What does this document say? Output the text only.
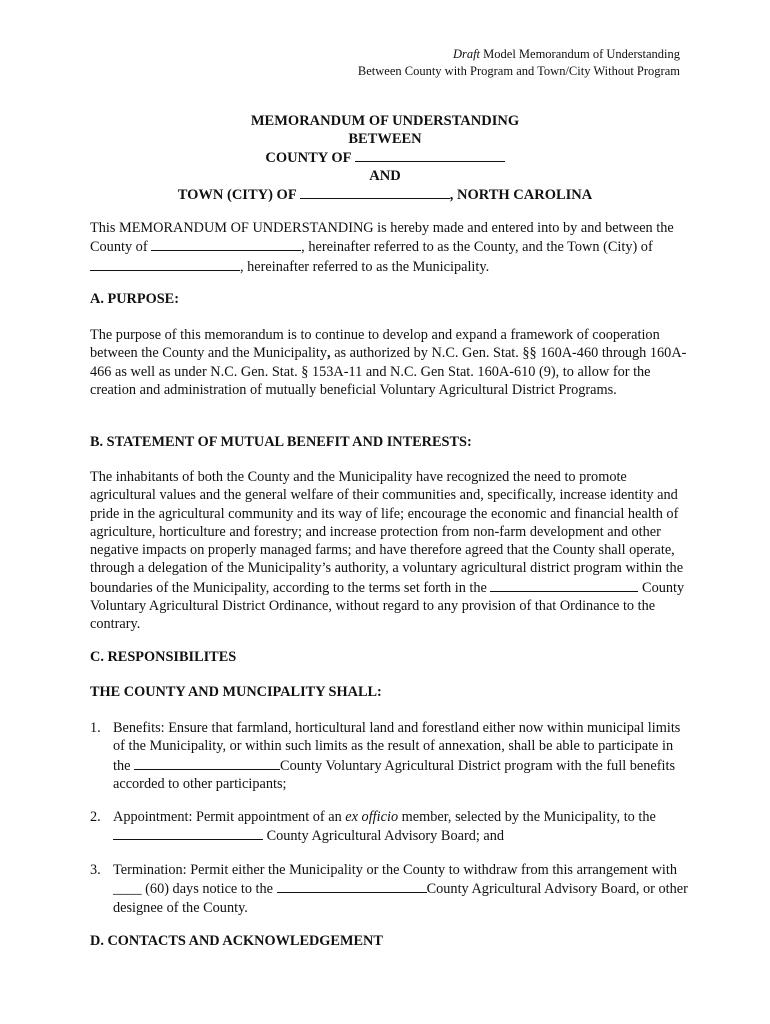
Draft Model Memorandum of Understanding
Between County with Program and Town/City Without Program
MEMORANDUM OF UNDERSTANDING
BETWEEN
COUNTY OF
AND
TOWN (CITY) OF	, NORTH CAROLINA

This MEMORANDUM OF UNDERSTANDING is hereby made and entered into by and between the County of	, hereinafter referred to as the County, and the Town (City) of , hereinafter referred to as the Municipality.

A. PURPOSE:

The purpose of this memorandum is to continue to develop and expand a framework of cooperation between the County and the Municipality, as authorized by N.C. Gen. Stat. §§ 160A-460 through 160A-466 as well as under N.C. Gen. Stat. § 153A-11 and N.C. Gen Stat. 160A-610 (9), to allow for the creation and administration of mutually beneficial Voluntary Agricultural District Programs.

B. STATEMENT OF MUTUAL BENEFIT AND INTERESTS:

The inhabitants of both the County and the Municipality have recognized the need to promote agricultural values and the general welfare of their communities and, specifically, increase identity and pride in the agricultural community and its way of life; encourage the economic and financial health of agriculture, horticulture and forestry; and increase protection from non-farm development and other negative impacts on properly managed farms; and have therefore agreed that the County shall operate, through a delegation of the Municipality’s authority, a voluntary agricultural district program within the boundaries of the Municipality, according to the terms set forth in the	County Voluntary Agricultural District Ordinance, without regard to any provision of that Ordinance to the contrary.

C. RESPONSIBILITES

THE COUNTY AND MUNCIPALITY SHALL:

1. Benefits: Ensure that farmland, horticultural land and forestland either now within municipal limits of the Municipality, or within such limits as the result of annexation, shall be able to participate in the	County Voluntary Agricultural District program with the full benefits accorded to other participants;
2. Appointment: Permit appointment of an ex officio member, selected by the Municipality, to the  County Agricultural Advisory Board; and
3. Termination: Permit either the Municipality or the County to withdraw from this arrangement with ____ (60) days notice to the	County Agricultural Advisory Board, or other designee of the County.

D. CONTACTS AND ACKNOWLEDGEMENT
